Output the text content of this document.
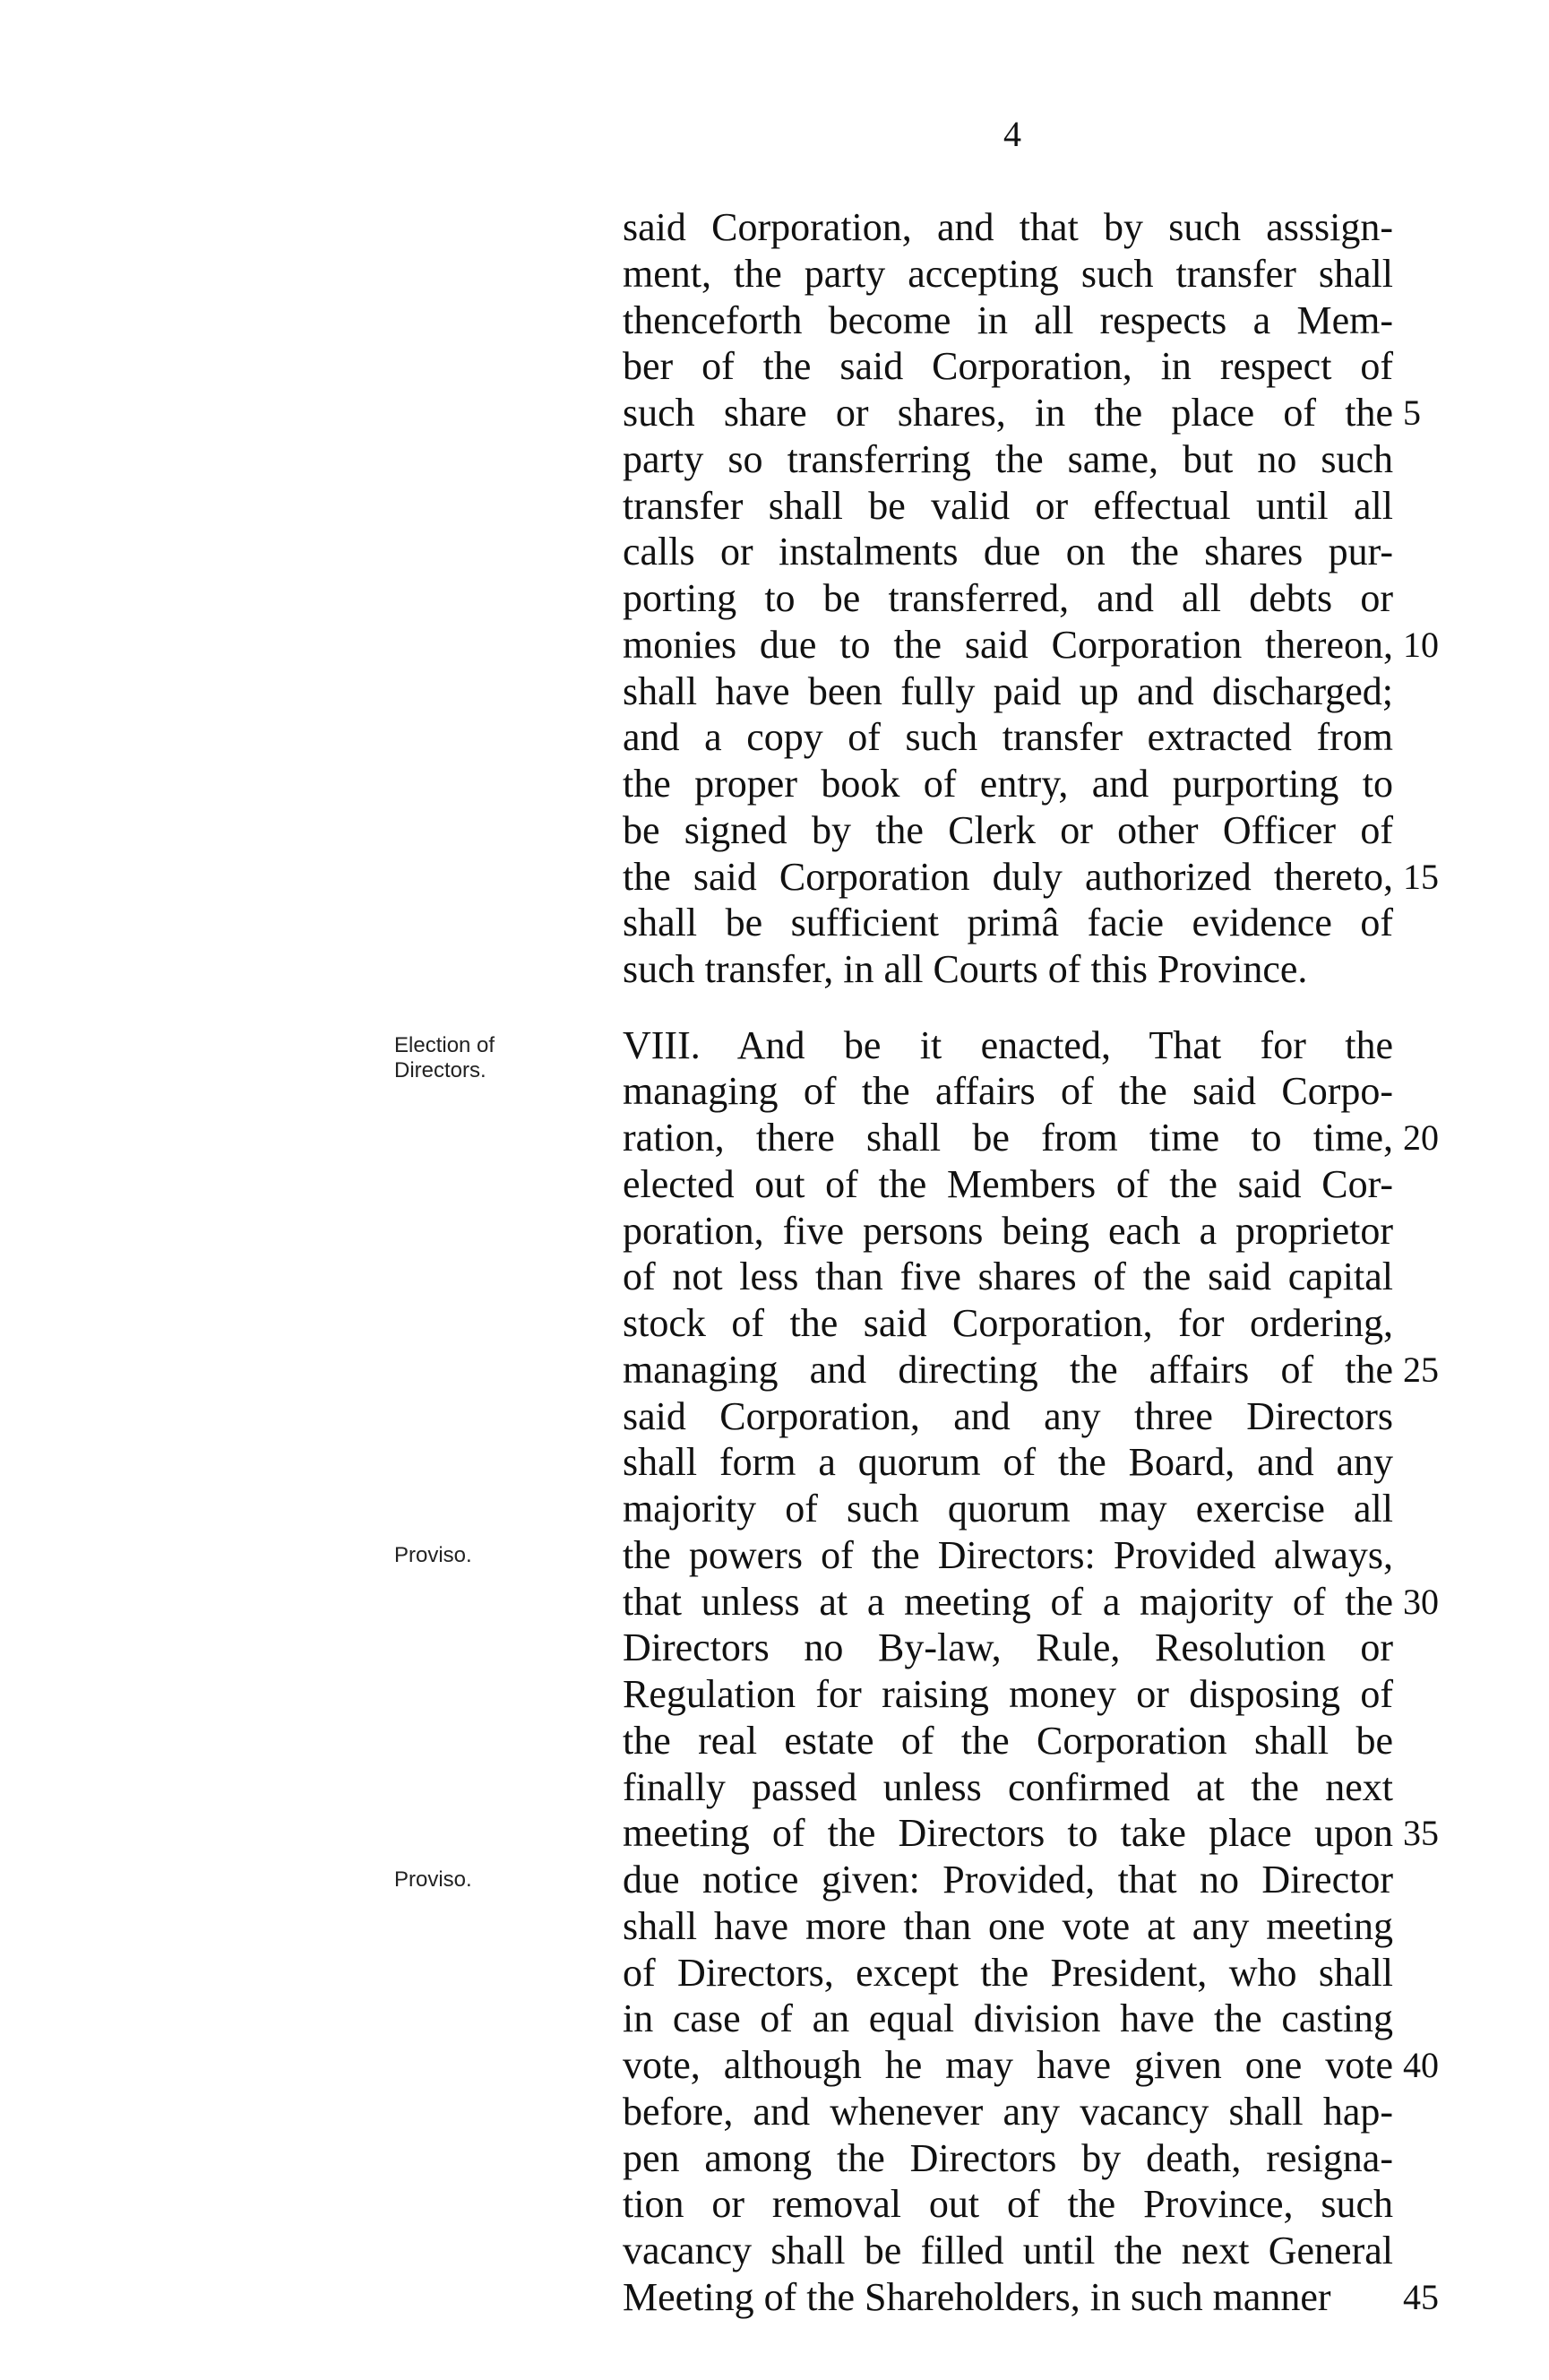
4
said Corporation, and that by such asssign-
ment, the party accepting such transfer shall
thenceforth become in all respects a Mem-
ber of the said Corporation, in respect of
such share or shares, in the place of the 5
party so transferring the same, but no such
transfer shall be valid or effectual until all
calls or instalments due on the shares pur-
porting to be transferred, and all debts or
monies due to the said Corporation thereon, 10
shall have been fully paid up and discharged;
and a copy of such transfer extracted from
the proper book of entry, and purporting to
be signed by the Clerk or other Officer of
the said Corporation duly authorized thereto, 15
shall be sufficient primâ facie evidence of
such transfer, in all Courts of this Province.
VIII. And be it enacted, That for the
managing of the affairs of the said Corpo-
ration, there shall be from time to time, 20
elected out of the Members of the said Cor-
poration, five persons being each a proprietor
of not less than five shares of the said capital
stock of the said Corporation, for ordering,
managing and directing the affairs of the 25
said Corporation, and any three Directors
shall form a quorum of the Board, and any
majority of such quorum may exercise all
the powers of the Directors: Provided always,
that unless at a meeting of a majority of the 30
Directors no By-law, Rule, Resolution or
Regulation for raising money or disposing of
the real estate of the Corporation shall be
finally passed unless confirmed at the next
meeting of the Directors to take place upon 35
due notice given: Provided, that no Director
shall have more than one vote at any meeting
of Directors, except the President, who shall
in case of an equal division have the casting
vote, although he may have given one vote 40
before, and whenever any vacancy shall hap-
pen among the Directors by death, resigna-
tion or removal out of the Province, such
vacancy shall be filled until the next General
Meeting of the Shareholders, in such manner	45
Election of Directors.
Proviso.
Proviso.
